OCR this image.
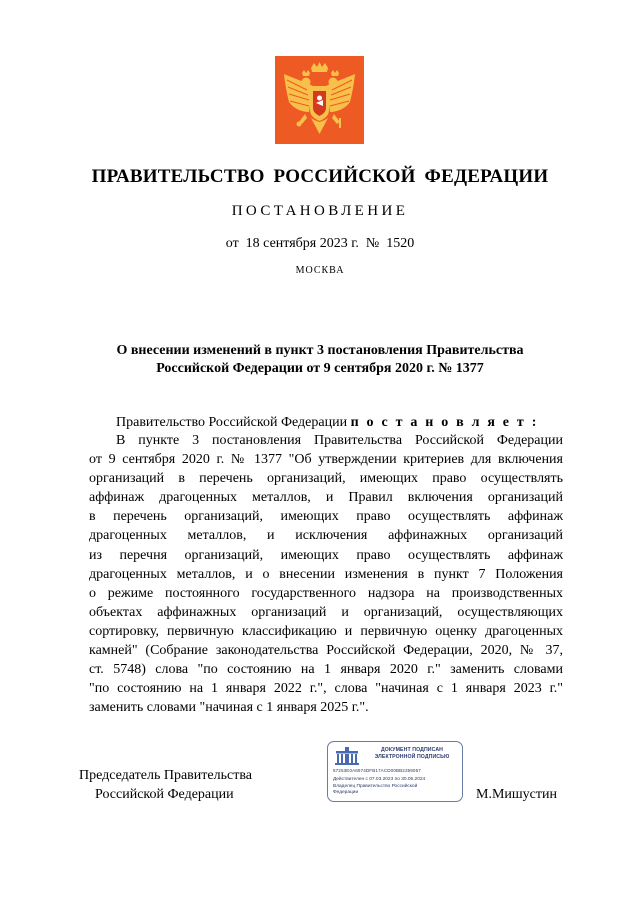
ПРАВИТЕЛЬСТВО РОССИЙСКОЙ ФЕДЕРАЦИИ
ПОСТАНОВЛЕНИЕ
от  18 сентября 2023 г.  №  1520
МОСКВА
О внесении изменений в пункт 3 постановления Правительства
Российской Федерации от 9 сентября 2020 г. № 1377
Правительство Российской Федерации п о с т а н о в л я е т :
В пункте 3 постановления Правительства Российской Федерации
от 9 сентября 2020 г. № 1377 "Об утверждении критериев для включения
организаций в перечень организаций, имеющих право осуществлять
аффинаж драгоценных металлов, и Правил включения организаций
в перечень организаций, имеющих право осуществлять аффинаж
драгоценных металлов, и исключения аффинажных организаций
из перечня организаций, имеющих право осуществлять аффинаж
драгоценных металлов, и о внесении изменения в пункт 7 Положения
о режиме постоянного государственного надзора на производственных
объектах аффинажных организаций и организаций, осуществляющих
сортировку, первичную классификацию и первичную оценку драгоценных
камней" (Собрание законодательства Российской Федерации, 2020, № 37,
ст. 5748) слова "по состоянию на 1 января 2020 г." заменить словами
"по состоянию на 1 января 2022 г.", слова "начиная с 1 января 2023 г."
заменить словами "начиная с 1 января 2025 г.".
Председатель Правительства
Российской Федерации
ДОКУМЕНТ ПОДПИСАН
ЭЛЕКТРОННОЙ ПОДПИСЬЮ
57253E0A6974DFB17ACD00BB2359057
Действителен с 07.03.2023 по 30.05.2024
Владелец Правительство Российской
Федерации	М.Мишустин
